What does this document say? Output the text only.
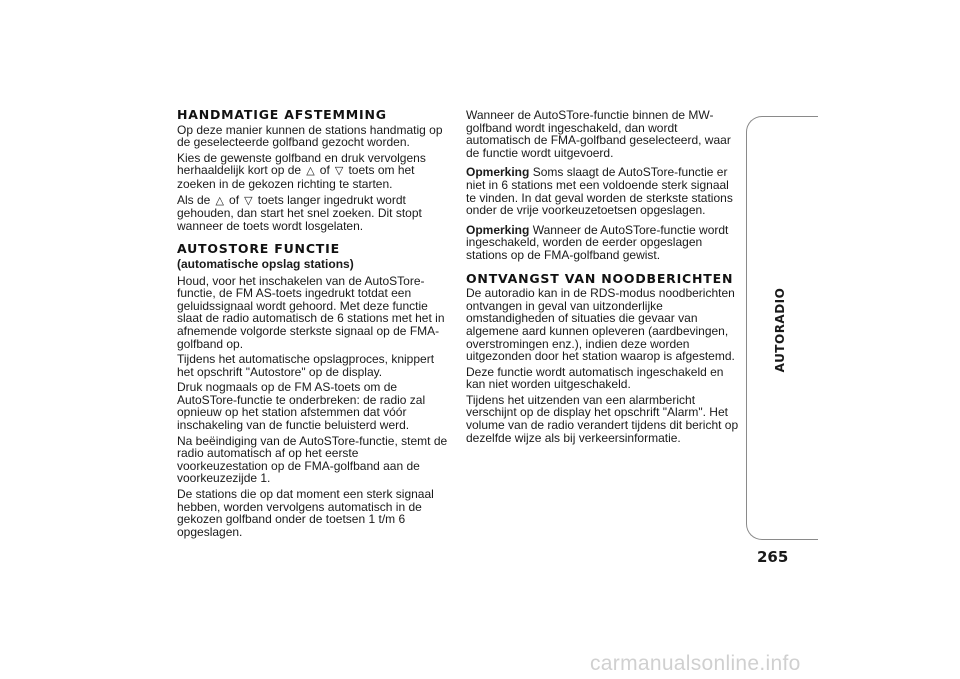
HANDMATIGE AFSTEMMING

Op deze manier kunnen de stations handmatig op de geselecteerde golfband gezocht worden.

Kies de gewenste golfband en druk vervolgens herhaaldelijk kort op de △ of ▽ toets om het zoeken in de gekozen richting te starten.

Als de △ of ▽ toets langer ingedrukt wordt gehouden, dan start het snel zoeken. Dit stopt wanneer de toets wordt losgelaten.

AUTOSTORE FUNCTIE
(automatische opslag stations)

Houd, voor het inschakelen van de AutoSTore-functie, de FM AS-toets ingedrukt totdat een geluidssignaal wordt gehoord. Met deze functie slaat de radio automatisch de 6 stations met het in afnemende volgorde sterkste signaal op de FMA-golfband op.

Tijdens het automatische opslagproces, knippert het opschrift "Autostore" op de display.

Druk nogmaals op de FM AS-toets om de AutoSTore-functie te onderbreken: de radio zal opnieuw op het station afstemmen dat vóór inschakeling van de functie beluisterd werd.

Na beëindiging van de AutoSTore-functie, stemt de radio automatisch af op het eerste voorkeuzestation op de FMA-golfband aan de voorkeuzezijde 1.

De stations die op dat moment een sterk signaal hebben, worden vervolgens automatisch in de gekozen golfband onder de toetsen 1 t/m 6 opgeslagen.

Wanneer de AutoSTore-functie binnen de MW-golfband wordt ingeschakeld, dan wordt automatisch de FMA-golfband geselecteerd, waar de functie wordt uitgevoerd.

Opmerking Soms slaagt de AutoSTore-functie er niet in 6 stations met een voldoende sterk signaal te vinden. In dat geval worden de sterkste stations onder de vrije voorkeuzetoetsen opgeslagen.

Opmerking Wanneer de AutoSTore-functie wordt ingeschakeld, worden de eerder opgeslagen stations op de FMA-golfband gewist.

ONTVANGST VAN NOODBERICHTEN

De autoradio kan in de RDS-modus noodberichten ontvangen in geval van uitzonderlijke omstandigheden of situaties die gevaar van algemene aard kunnen opleveren (aardbevingen, overstromingen enz.), indien deze worden uitgezonden door het station waarop is afgestemd.

Deze functie wordt automatisch ingeschakeld en kan niet worden uitgeschakeld.

Tijdens het uitzenden van een alarmbericht verschijnt op de display het opschrift "Alarm". Het volume van de radio verandert tijdens dit bericht op dezelfde wijze als bij verkeersinformatie.

AUTORADIO
265
carmanualsonline.info
